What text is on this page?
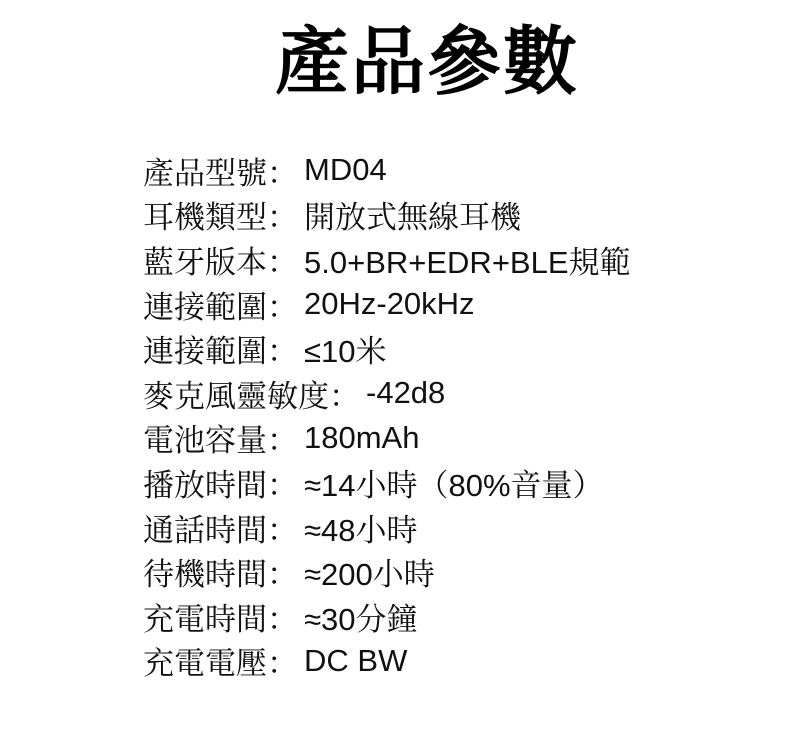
產品參數
產品型號： MD04
耳機類型： 開放式無線耳機
藍牙版本： 5.0+BR+EDR+BLE規範
連接範圍： 20Hz-20kHz
連接範圍： ≤10米
麥克風靈敏度： -42d8
電池容量： 180mAh
播放時間： ≈14小時（80%音量）
通話時間： ≈48小時
待機時間： ≈200小時
充電時間： ≈30分鐘
充電電壓： DC BW
